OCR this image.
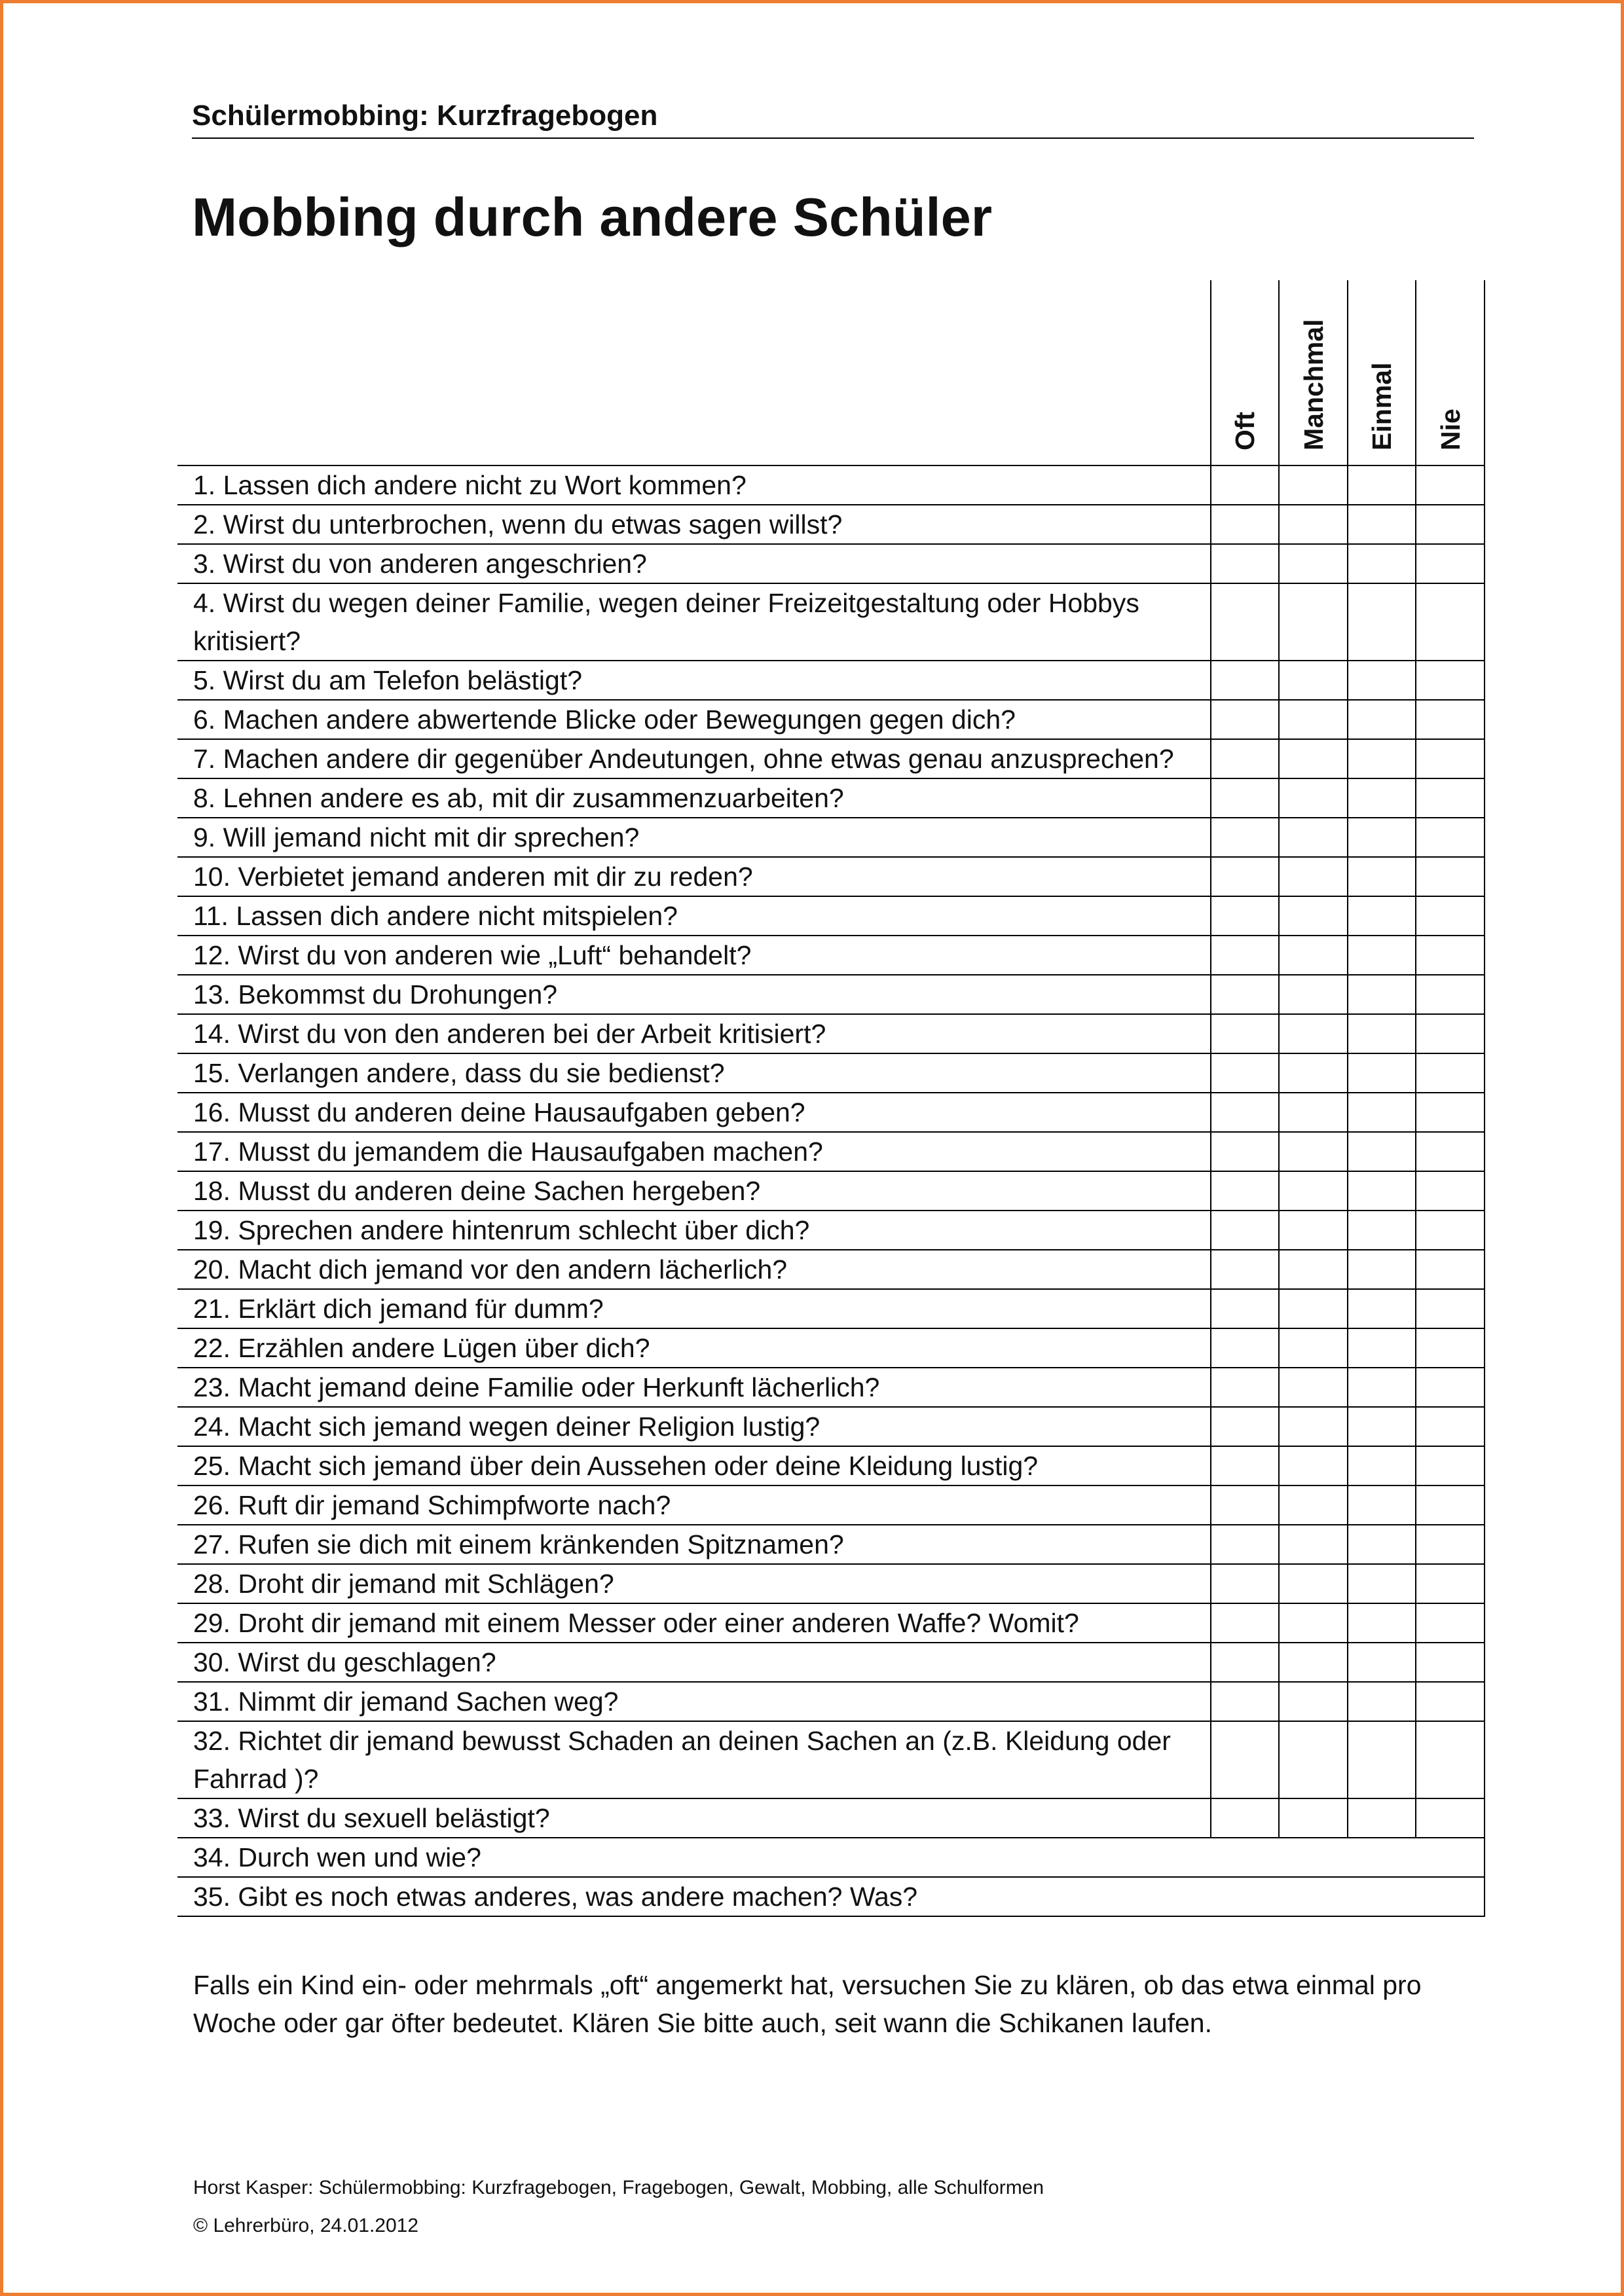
Schülermobbing: Kurzfragebogen
Mobbing durch andere Schüler

	Oft	Manchmal	Einmal	Nie

1. Lassen dich andere nicht zu Wort kommen?				
2. Wirst du unterbrochen, wenn du etwas sagen willst?				
3. Wirst du von anderen angeschrien?				
4. Wirst du wegen deiner Familie, wegen deiner Freizeitgestaltung oder Hobbys kritisiert?				
5. Wirst du am Telefon belästigt?				
6. Machen andere abwertende Blicke oder Bewegungen gegen dich?				
7. Machen andere dir gegenüber Andeutungen, ohne etwas genau anzusprechen?				
8. Lehnen andere es ab, mit dir zusammenzuarbeiten?				
9. Will jemand nicht mit dir sprechen?				
10. Verbietet jemand anderen mit dir zu reden?				
11. Lassen dich andere nicht mitspielen?				
12. Wirst du von anderen wie „Luft“ behandelt?				
13. Bekommst du Drohungen?				
14. Wirst du von den anderen bei der Arbeit kritisiert?				
15. Verlangen andere, dass du sie bedienst?				
16. Musst du anderen deine Hausaufgaben geben?				
17. Musst du jemandem die Hausaufgaben machen?				
18. Musst du anderen deine Sachen hergeben?				
19. Sprechen andere hintenrum schlecht über dich?				
20. Macht dich jemand vor den andern lächerlich?				
21. Erklärt dich jemand für dumm?				
22. Erzählen andere Lügen über dich?				
23. Macht jemand deine Familie oder Herkunft lächerlich?				
24. Macht sich jemand wegen deiner Religion lustig?				
25. Macht sich jemand über dein Aussehen oder deine Kleidung lustig?				
26. Ruft dir jemand Schimpfworte nach?				
27. Rufen sie dich mit einem kränkenden Spitznamen?				
28. Droht dir jemand mit Schlägen?				
29. Droht dir jemand mit einem Messer oder einer anderen Waffe? Womit?				
30. Wirst du geschlagen?				
31. Nimmt dir jemand Sachen weg?				
32. Richtet dir jemand bewusst Schaden an deinen Sachen an (z.B. Kleidung oder Fahrrad )?				
33. Wirst du sexuell belästigt?				
34. Durch wen und wie?				
35. Gibt es noch etwas anderes, was andere machen? Was?				
Falls ein Kind ein- oder mehrmals „oft“ angemerkt hat, versuchen Sie zu klären, ob das etwa einmal pro Woche oder gar öfter bedeutet. Klären Sie bitte auch, seit wann die Schikanen laufen.
Horst Kasper: Schülermobbing: Kurzfragebogen, Fragebogen, Gewalt, Mobbing, alle Schulformen
© Lehrerbüro, 24.01.2012
